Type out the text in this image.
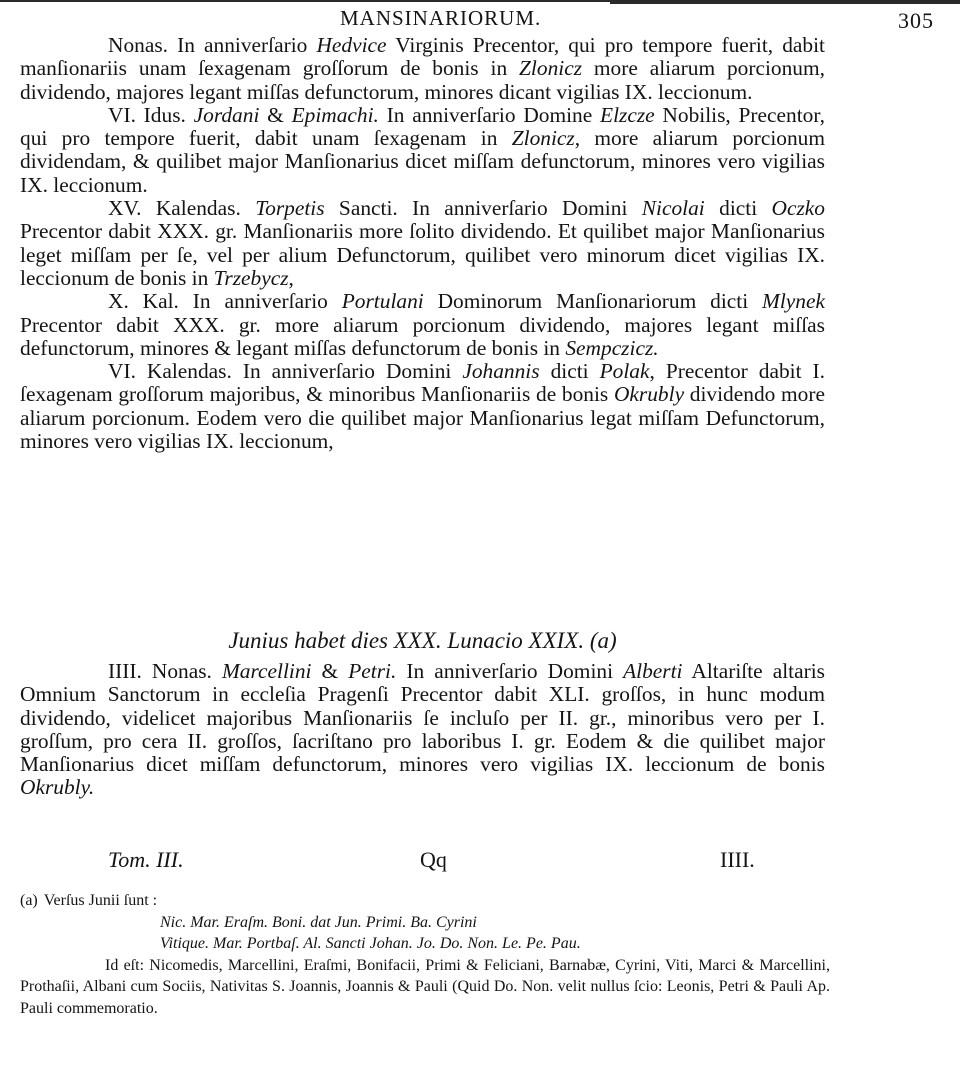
MANSINARIORUM.	305

Nonas. In anniverſario Hedvice Virginis Precentor, qui pro tempore fuerit, dabit manſionariis unam ſexagenam groſſorum de bonis in Zlonicz more aliarum porcionum, dividendo, majores legant miſſas defunctorum, minores dicant vigilias IX. leccionum.

VI. Idus. Jordani & Epimachi. In anniverſario Domine Elzcze Nobilis, Precentor, qui pro tempore fuerit, dabit unam ſexagenam in Zlonicz, more aliarum porcionum dividendam, & quilibet major Manſionarius dicet miſſam defunctorum, minores vero vigilias IX. leccionum.

XV. Kalendas. Torpetis Sancti. In anniverſario Domini Nicolai dicti Oczko Precentor dabit XXX. gr. Manſionariis more ſolito dividendo. Et quilibet major Manſionarius leget miſſam per ſe, vel per alium Defunctorum, quilibet vero minorum dicet vigilias IX. leccionum de bonis in Trzebycz,

X. Kal. In anniverſario Portulani Dominorum Manſionariorum dicti Mlynek Precentor dabit XXX. gr. more aliarum porcionum dividendo, majores legant miſſas defunctorum, minores & legant miſſas defunctorum de bonis in Sempczicz.

VI. Kalendas. In anniverſario Domini Johannis dicti Polak, Precentor dabit I. ſexagenam groſſorum majoribus, & minoribus Manſionariis de bonis Okrubly dividendo more aliarum porcionum. Eodem vero die quilibet major Manſionarius legat miſſam Defunctorum, minores vero vigilias IX. leccionum,

Junius habet dies XXX. Lunacio XXIX. (a)

IIII. Nonas. Marcellini & Petri. In anniverſario Domini Alberti Altariſte altaris Omnium Sanctorum in eccleſia Pragenſi Precentor dabit XLI. groſſos, in hunc modum dividendo, videlicet majoribus Manſionariis ſe incluſo per II. gr., minoribus vero per I. groſſum, pro cera II. groſſos, ſacriſtano pro laboribus I. gr. Eodem & die quilibet major Manſionarius dicet miſſam defunctorum, minores vero vigilias IX. leccionum de bonis Okrubly.

Tom. III.	Qq	IIII.
(a) Verſus Junii ſunt :
Nic. Mar. Eraſm. Boni. dat Jun. Primi. Ba. Cyrini
Vitique. Mar. Portbaſ. Al. Sancti Johan. Jo. Do. Non. Le. Pe. Pau.
Id eſt: Nicomedis, Marcellini, Eraſmi, Bonifacii, Primi & Feliciani, Barnabæ, Cyrini, Viti, Marci & Marcellini, Prothaſii, Albani cum Sociis, Nativitas S. Joannis, Joannis & Pauli (Quid Do. Non. velit nullus ſcio: Leonis, Petri & Pauli Ap. Pauli commemoratio.
